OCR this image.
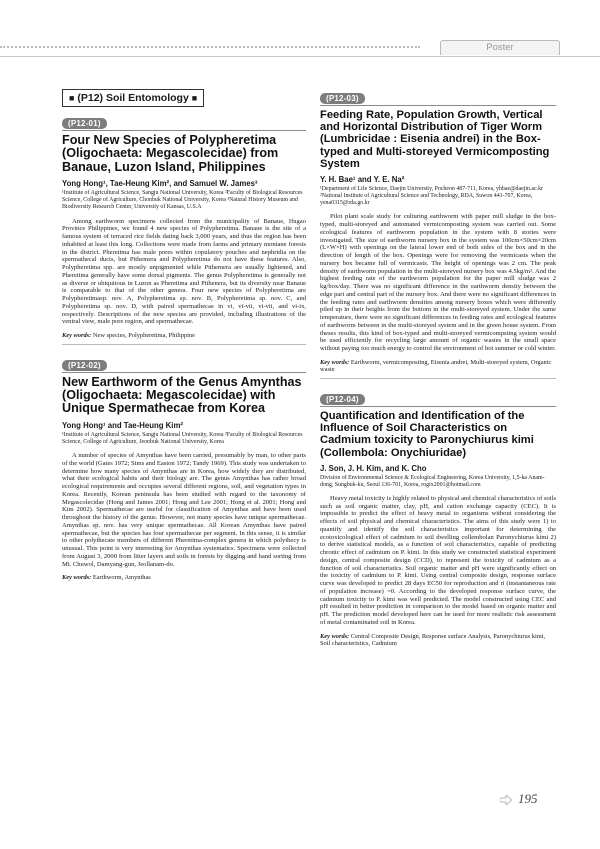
Poster
■ (P12) Soil Entomology ■
(P12-01)
Four New Species of Polypheretima (Oligochaeta: Megascolecidae) from Banaue, Luzon Island, Philippines

Yong Hong¹, Tae-Heung Kim², and Samuel W. James³

¹Institute of Agricultural Science, Sangju National University, Korea ²Faculty of Biological Resources Science, College of Agriculture, Chonbuk National University, Korea ³Natural History Museum and Biodiversity Research Center, University of Kansas, U.S.A

Among earthworm specimens collected from the municipality of Banaue, Ifugao Province Philippines, we found 4 new species of Polypheretima. Banaue is the site of a famous system of terraced rice fields dating back 3,000 years, and thus the region has been inhabited at least this long. Collections were made from farms and primary montane forests in the district. Pheretima has male pores within copulatory pouches and nephridia on the spermathecal ducts, but Pithemera and Polypheretima do not have these features. Also, Polypheretima spp. are mostly unpigmented while Pithemera are usually lightened, and Pheretima generally have some dorsal pigments. The genus Polypheretima is generally not as diverse or ubiquitous in Luzon as Pheretima and Pithenera, but its diversity near Banaue is comparable to that of the other genera. Four new species of Polypheretima are Polypheretimasp. nov. A, Polypheretima sp. nov. B, Polypheretima sp. nov. C, and Polypheretima sp. nov. D, with paired spermathecae in vi, vi-vii, vi-vii, and vi-ix, respectively. Descriptions of the new species are provided, including illustrations of the ventral view, male pore region, and spermathecae.

Key words: New species, Polypheretima, Philippine

(P12-02)
New Earthworm of the Genus Amynthas (Oligochaeta: Megascolecidae) with Unique Spermathecae from Korea

Yong Hong¹ and Tae-Heung Kim²

¹Institute of Agricultural Science, Sangju National University, Korea ²Faculty of Biological Resources Science, College of Agriculture, Jeonbuk National University, Korea

A number of species of Amynthas have been carried, presumably by man, to other parts of the world (Gates 1972; Sims and Easton 1972; Tandy 1969). This study was undertaken to determine how many species of Amynthas are in Korea, how widely they are distributed, what their ecological habits and their biology are. The genus Amynthas has rather broad ecological requirements and occupies several different regions, soil, and vegetation types in Korea. Recently, Korean peninsula has been studied with regard to the taxonomy of Megascolecidae (Hong and James 2001; Hong and Lee 2001; Hong et al. 2001; Hong and Kim 2002). Spermathecae are useful for classification of Amynthas and have been used throughout the history of the genus. However, not many species have unique spermathecae. Amynthas sp. nov. has very unique spermathecae. All Korean Amynthas have paired spermathecae, but the species has four spermathecae per segment. In this sense, it is similar to other polythecate members of different Pheretima-complex genera in which polytheсy is unusual. This point is very interesting for Amynthas systematics. Specimens were collected from August 3, 2000 from litter layers and soils in forests by digging and hand sorting from Mt. Chuwol, Damyang-gun, Jeollanam-do.

Key words: Earthworm, Amynthas

(P12-03)
Feeding Rate, Population Growth, Vertical and Horizontal Distribution of Tiger Worm (Lumbricidae : Eisenia andrei) in the Box-typed and Multi-storeyed Vermicomposting System

Y. H. Bae¹ and Y. E. Na²

¹Department of Life Science, Daejin University, Pocheon 487-711, Korea, yhbae@daejin.ac.kr ²National Institute of Agricultural Science and Technology, RDA, Suwon 441-707, Korea, yena0315@rda.go.kr

Pilot plant scale study for culturing earthworm with paper mill sludge in the box-typed, multi-storeyed and automated vermicomposting system was carried out. Some ecological features of earthworm population in the system with 8 stories were investigated. The size of earthworm nursery box in the system was 100cm×50cm×20cm (L×W×H) with openings on the lateral lower end of both sides of the box and in the direction of length of the box. Openings were for removing the vermicasts when the nursery box became full of vermicasts. The height of openings was 2 cm. The peak density of earthworm population in the multi-storeyed nursery box was 4.5kg/m². And the highest feeding rate of the earthworm population for the paper mill sludge was 2 kg/box/day. There was no significant difference in the earthworm density between the edge part and central part of the nursery box. And there were no significant differences in the feeding rates and earthworm densities among nursery boxes which were differently piled up in their heights from the bottom in the multi-storeyed system. Under the same temperature, there were no significant differences in feeding rates and ecological features of earthworm between in the multi-storeyed system and in the green house system. From theses results, this kind of box-typed and multi-storeyed vermicompsting system would be used efficiently for recycling large amount of organic wastes in the small space without paying too much energy to control the environment of hot summer or cold winter.

Key words: Earthworm, vermicomposting, Eisenia andrei, Multi-storeyed system, Organic waste

(P12-04)
Quantification and Identification of the Influence of Soil Characteristics on Cadmium toxicity to Paronychiurus kimi (Collembola: Onychiuridae)

J. Son, J. H. Kim, and K. Cho

Division of Environmental Science & Ecological Engineering, Korea University, 1,5-ka Anam-dong, Sungbuk-ku, Seoul 136-701, Korea, rogix2001@hotmail.com

Heavy metal toxicity is highly related to physical and chemical characteristics of soils such as soil organic matter, clay, pH, and cation exchange capacity (CEC). It is impossible to predict the effect of heavy metal to organisms without considering the effects of soil physical and chemical characteristics. The aims of this study were 1) to quantify and identify the soil characteristics important for determining the ecotoxicological effect of cadmium to soil dwelling collembolan Paronychiurus kimi 2) to derive statistical models, as a function of soil characteristics, capable of predicting chronic effect of cadmium on P. kimi. In this study we constructed statistical experiment design, central composite design (CCD), to represent the toxicity of cadmium as a function of soil characteristics. Soil organic matter and pH were significantly effect on the toxicity of cadmium to P. kimi. Using central composite design, response surface curve was developed to predict 28 days EC50 for reproduction and ri (instantaneous rate of population increase) =0. According to the developed response surface curve, the cadmium toxicity to P. kimi was well predicted. The model constructed using CEC and pH resulted in better prediction in comparison to the model based on organic matter and pH. The prediction model developed here can be used for more realistic risk assessment of metal contaminated soil in Korea.

Key words: Central Composite Design, Response surface Analysis, Paronychiurus kimi, Soil characteristics, Cadmium

195
